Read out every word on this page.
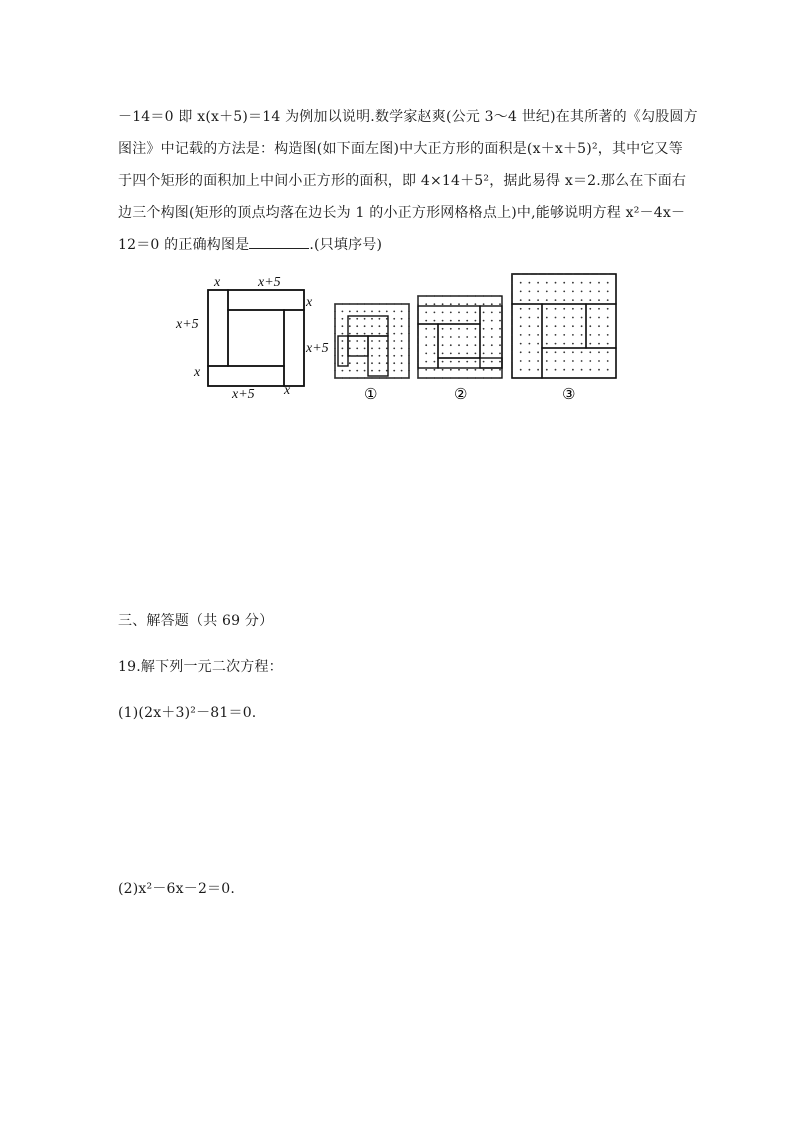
－14＝0 即 x(x＋5)＝14 为例加以说明.数学家赵爽(公元 3～4 世纪)在其所著的《勾股圆方
图注》中记载的方法是：构造图(如下面左图)中大正方形的面积是(x＋x＋5)²，其中它又等
于四个矩形的面积加上中间小正方形的面积，即 4×14＋5²，据此易得 x＝2.那么在下面右
边三个构图(矩形的顶点均落在边长为 1 的小正方形网格格点上)中,能够说明方程 x²－4x－
12＝0 的正确构图是	.(只填序号)
x	x+5
x
x+5
x+5
x
x+5 x	①	②	③
三、解答题（共 69 分）
19.解下列一元二次方程：
(1)(2x＋3)²－81＝0.
(2)x²－6x－2＝0.
